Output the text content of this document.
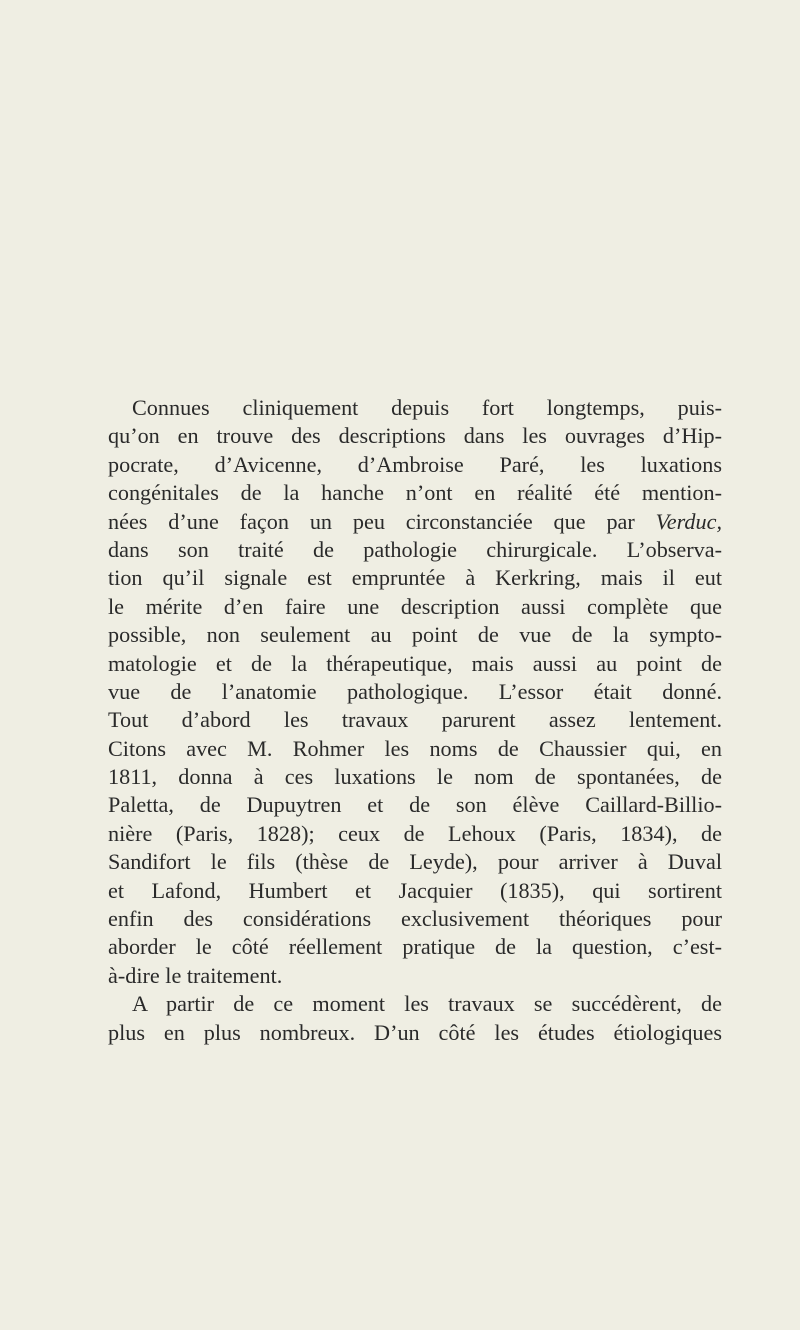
Connues cliniquement depuis fort longtemps, puis-
qu’on en trouve des descriptions dans les ouvrages d’Hip-
pocrate, d’Avicenne, d’Ambroise Paré, les luxations
congénitales de la hanche n’ont en réalité été mention-
nées d’une façon un peu circonstanciée que par Verduc,
dans son traité de pathologie chirurgicale. L’observa-
tion qu’il signale est empruntée à Kerkring, mais il eut
le mérite d’en faire une description aussi complète que
possible, non seulement au point de vue de la sympto-
matologie et de la thérapeutique, mais aussi au point de
vue de l’anatomie pathologique. L’essor était donné.
Tout d’abord les travaux parurent assez lentement.
Citons avec M. Rohmer les noms de Chaussier qui, en
1811, donna à ces luxations le nom de spontanées, de
Paletta, de Dupuytren et de son élève Caillard-Billio-
nière (Paris, 1828); ceux de Lehoux (Paris, 1834), de
Sandifort le fils (thèse de Leyde), pour arriver à Duval
et Lafond, Humbert et Jacquier (1835), qui sortirent
enfin des considérations exclusivement théoriques pour
aborder le côté réellement pratique de la question, c’est-
à-dire le traitement.
A partir de ce moment les travaux se succédèrent, de
plus en plus nombreux. D’un côté les études étiologiques
